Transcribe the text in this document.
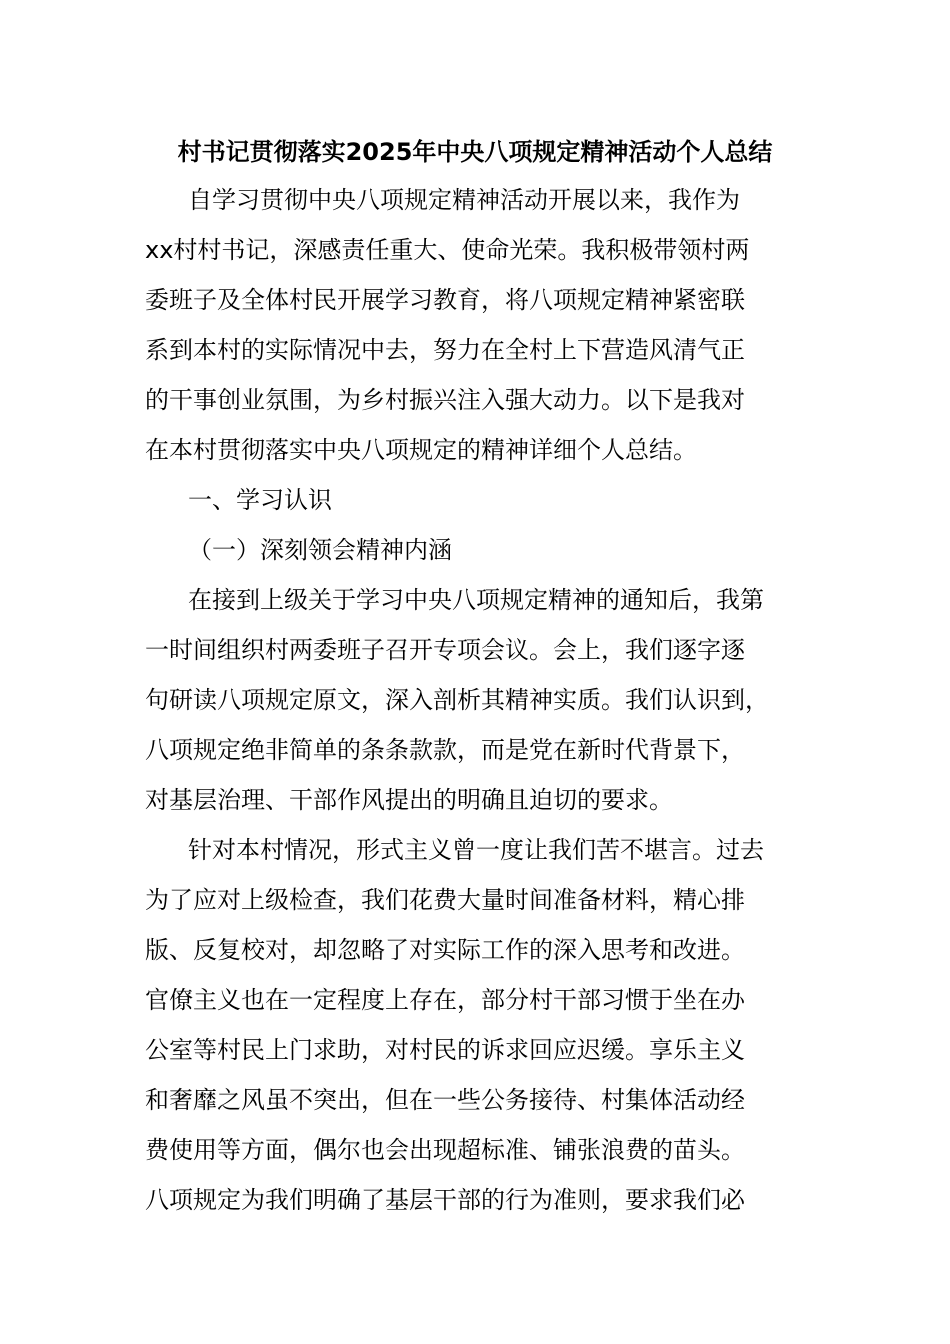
村书记贯彻落实2025年中央八项规定精神活动个人总结
自学习贯彻中央八项规定精神活动开展以来，我作为
xx村村书记，深感责任重大、使命光荣。我积极带领村两
委班子及全体村民开展学习教育，将八项规定精神紧密联
系到本村的实际情况中去，努力在全村上下营造风清气正
的干事创业氛围，为乡村振兴注入强大动力。以下是我对
在本村贯彻落实中央八项规定的精神详细个人总结。
一、学习认识
（一）深刻领会精神内涵
在接到上级关于学习中央八项规定精神的通知后，我第
一时间组织村两委班子召开专项会议。会上，我们逐字逐
句研读八项规定原文，深入剖析其精神实质。我们认识到，
八项规定绝非简单的条条款款，而是党在新时代背景下，
对基层治理、干部作风提出的明确且迫切的要求。
针对本村情况，形式主义曾一度让我们苦不堪言。过去
为了应对上级检查，我们花费大量时间准备材料，精心排
版、反复校对，却忽略了对实际工作的深入思考和改进。
官僚主义也在一定程度上存在，部分村干部习惯于坐在办
公室等村民上门求助，对村民的诉求回应迟缓。享乐主义
和奢靡之风虽不突出，但在一些公务接待、村集体活动经
费使用等方面，偶尔也会出现超标准、铺张浪费的苗头。
八项规定为我们明确了基层干部的行为准则，要求我们必
